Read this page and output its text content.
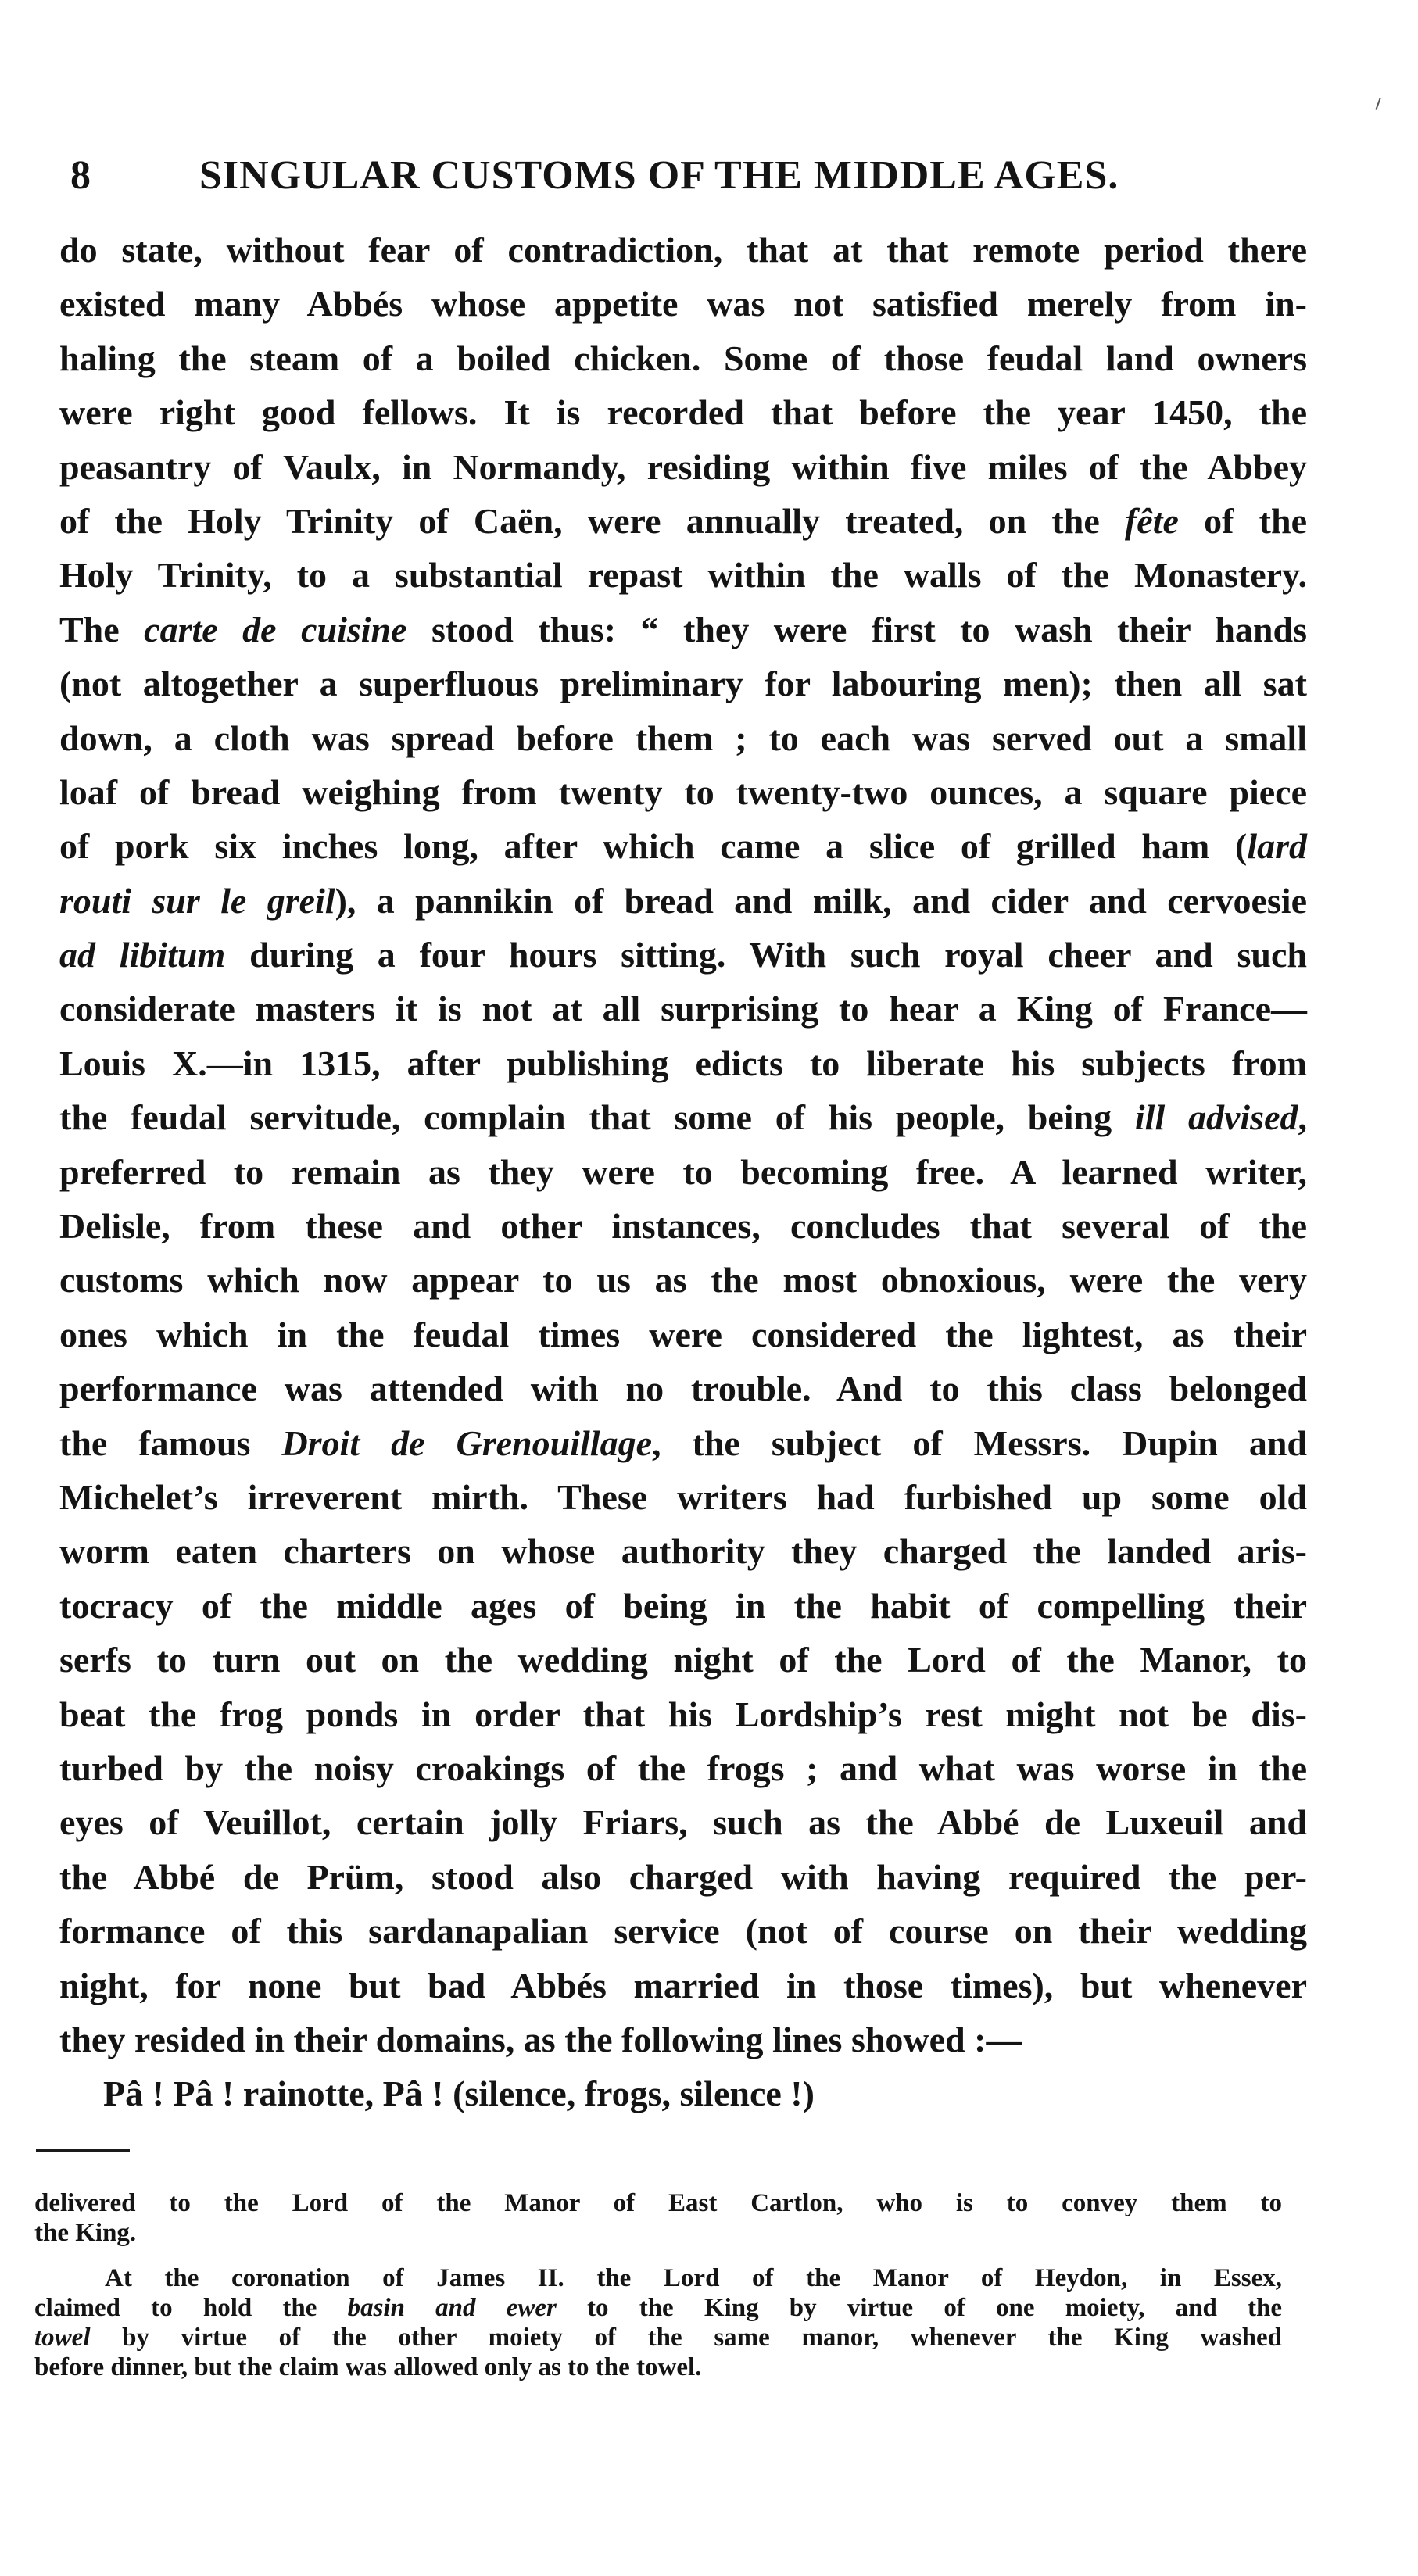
8	SINGULAR CUSTOMS OF THE MIDDLE AGES.
do state, without fear of contradiction, that at that remote period there
existed many Abbés whose appetite was not satisfied merely from in-
haling the steam of a boiled chicken. Some of those feudal land owners
were right good fellows. It is recorded that before the year 1450, the
peasantry of Vaulx, in Normandy, residing within five miles of the Abbey
of the Holy Trinity of Caën, were annually treated, on the fête of the
Holy Trinity, to a substantial repast within the walls of the Monastery.
The carte de cuisine stood thus: “ they were first to wash their hands
(not altogether a superfluous preliminary for labouring men); then all sat
down, a cloth was spread before them ; to each was served out a small
loaf of bread weighing from twenty to twenty-two ounces, a square piece
of pork six inches long, after which came a slice of grilled ham (lard
routi sur le greil), a pannikin of bread and milk, and cider and cervoesie
ad libitum during a four hours sitting. With such royal cheer and such
considerate masters it is not at all surprising to hear a King of France—
Louis X.—in 1315, after publishing edicts to liberate his subjects from
the feudal servitude, complain that some of his people, being ill advised,
preferred to remain as they were to becoming free. A learned writer,
Delisle, from these and other instances, concludes that several of the
customs which now appear to us as the most obnoxious, were the very
ones which in the feudal times were considered the lightest, as their
performance was attended with no trouble. And to this class belonged
the famous Droit de Grenouillage, the subject of Messrs. Dupin and
Michelet’s irreverent mirth. These writers had furbished up some old
worm eaten charters on whose authority they charged the landed aris-
tocracy of the middle ages of being in the habit of compelling their
serfs to turn out on the wedding night of the Lord of the Manor, to
beat the frog ponds in order that his Lordship’s rest might not be dis-
turbed by the noisy croakings of the frogs ; and what was worse in the
eyes of Veuillot, certain jolly Friars, such as the Abbé de Luxeuil and
the Abbé de Prüm, stood also charged with having required the per-
formance of this sardanapalian service (not of course on their wedding
night, for none but bad Abbés married in those times), but whenever
they resided in their domains, as the following lines showed :—
Pâ ! Pâ ! rainotte, Pâ ! (silence, frogs, silence !)
delivered to the Lord of the Manor of East Cartlon, who is to convey them to
the King.
At the coronation of James II. the Lord of the Manor of Heydon, in Essex,
claimed to hold the basin and ewer to the King by virtue of one moiety, and the
towel by virtue of the other moiety of the same manor, whenever the King washed
before dinner, but the claim was allowed only as to the towel.
